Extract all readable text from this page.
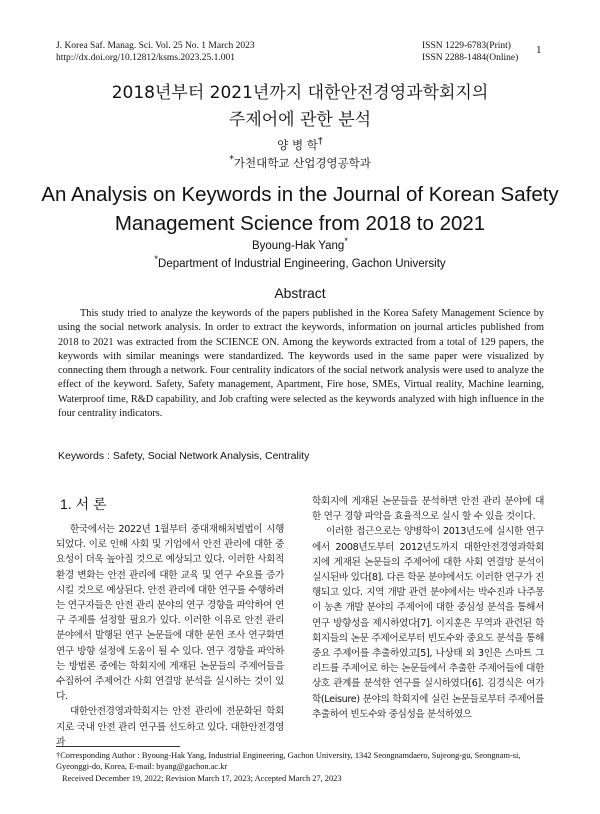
J. Korea Saf. Manag. Sci. Vol. 25 No. 1 March 2023
http://dx.doi.org/10.12812/ksms.2023.25.1.001
ISSN 1229-6783(Print)
ISSN 2288-1484(Online)
1
2018년부터 2021년까지 대한안전경영과학회지의
주제어에 관한 분석
양 병 학†
*가천대학교 산업경영공학과
An Analysis on Keywords in the Journal of Korean Safety
Management Science from 2018 to 2021
Byoung-Hak Yang*
*Department of Industrial Engineering, Gachon University
Abstract

This study tried to analyze the keywords of the papers published in the Korea Safety Management Science by using the social network analysis. In order to extract the keywords, information on journal articles published from 2018 to 2021 was extracted from the SCIENCE ON. Among the keywords extracted from a total of 129 papers, the keywords with similar meanings were standardized. The keywords used in the same paper were visualized by connecting them through a network. Four centrality indicators of the social network analysis were used to analyze the effect of the keyword. Safety, Safety management, Apartment, Fire hose, SMEs, Virtual reality, Machine learning, Waterproof time, R&D capability, and Job crafting were selected as the keywords analyzed with high influence in the four centrality indicators.

Keywords : Safety, Social Network Analysis, Centrality
1. 서 론

한국에서는 2022년 1월부터 중대재해처벌법이 시행되었다. 이로 인해 사회 및 기업에서 안전 관리에 대한 중요성이 더욱 높아질 것으로 예상되고 있다. 이러한 사회적 환경 변화는 안전 관리에 대한 교육 및 연구 수요를 증가 시킬 것으로 예상된다. 안전 관리에 대한 연구를 수행하려는 연구자들은 안전 관리 분야의 연구 경향을 파악하여 연구 주제를 설정할 필요가 있다. 이러한 이유로 안전 관리 분야에서 발행된 연구 논문들에 대한 문헌 조사 연구화면 연구 방향 설정에 도움이 될 수 있다. 연구 경향을 파악하는 방법론 중에는 학회지에 게재된 논문들의 주제어들을 수집하여 주제어간 사회 연결망 분석을 실시하는 것이 있다.

대한안전경영과학회지는 안전 관리에 전문화된 학회지로 국내 안전 관리 연구를 선도하고 있다. 대한안전경영과

학회지에 게재된 논문들을 분석하면 안전 관리 분야에 대한 연구 경향 파악을 효율적으로 실시 할 수 있을 것이다.

이러한 접근으로는 양병학이 2013년도에 실시한 연구에서 2008년도부터 2012년도까지 대한안전경영과학회지에 게재된 논문들의 주제어에 대한 사회 연결망 분석이 실시된바 있다[8]. 다른 학문 분야에서도 이러한 연구가 진행되고 있다. 지역 개발 관련 분야에서는 박수진과 나주몽이 농촌 개발 분야의 주제어에 대한 중심성 분석을 통해서 연구 방향성을 제시하였다[7]. 이지훈은 무역과 관련된 학회지들의 논문 주제어로부터 빈도수와 중요도 분석을 통해 중요 주제어를 추출하였고[5], 나상태 외 3인은 스마트 그리드를 주제어로 하는 논문들에서 추출한 주제어들에 대한 상호 관계를 분석한 연구를 실시하였다[6]. 김경식은 여가학(Leisure) 분야의 학회지에 실린 논문들로부터 주제어를 추출하여 빈도수와 중심성을 분석하였으

†Corresponding Author : Byoung-Hak Yang, Industrial Engineering, Gachon University, 1342 Seongnamdaero, Sujeong-gu, Seongnam-si, Gyeonggi-do, Korea, E-mail: byang@gachon.ac.kr
Received December 19, 2022; Revision March 17, 2023; Accepted March 27, 2023
